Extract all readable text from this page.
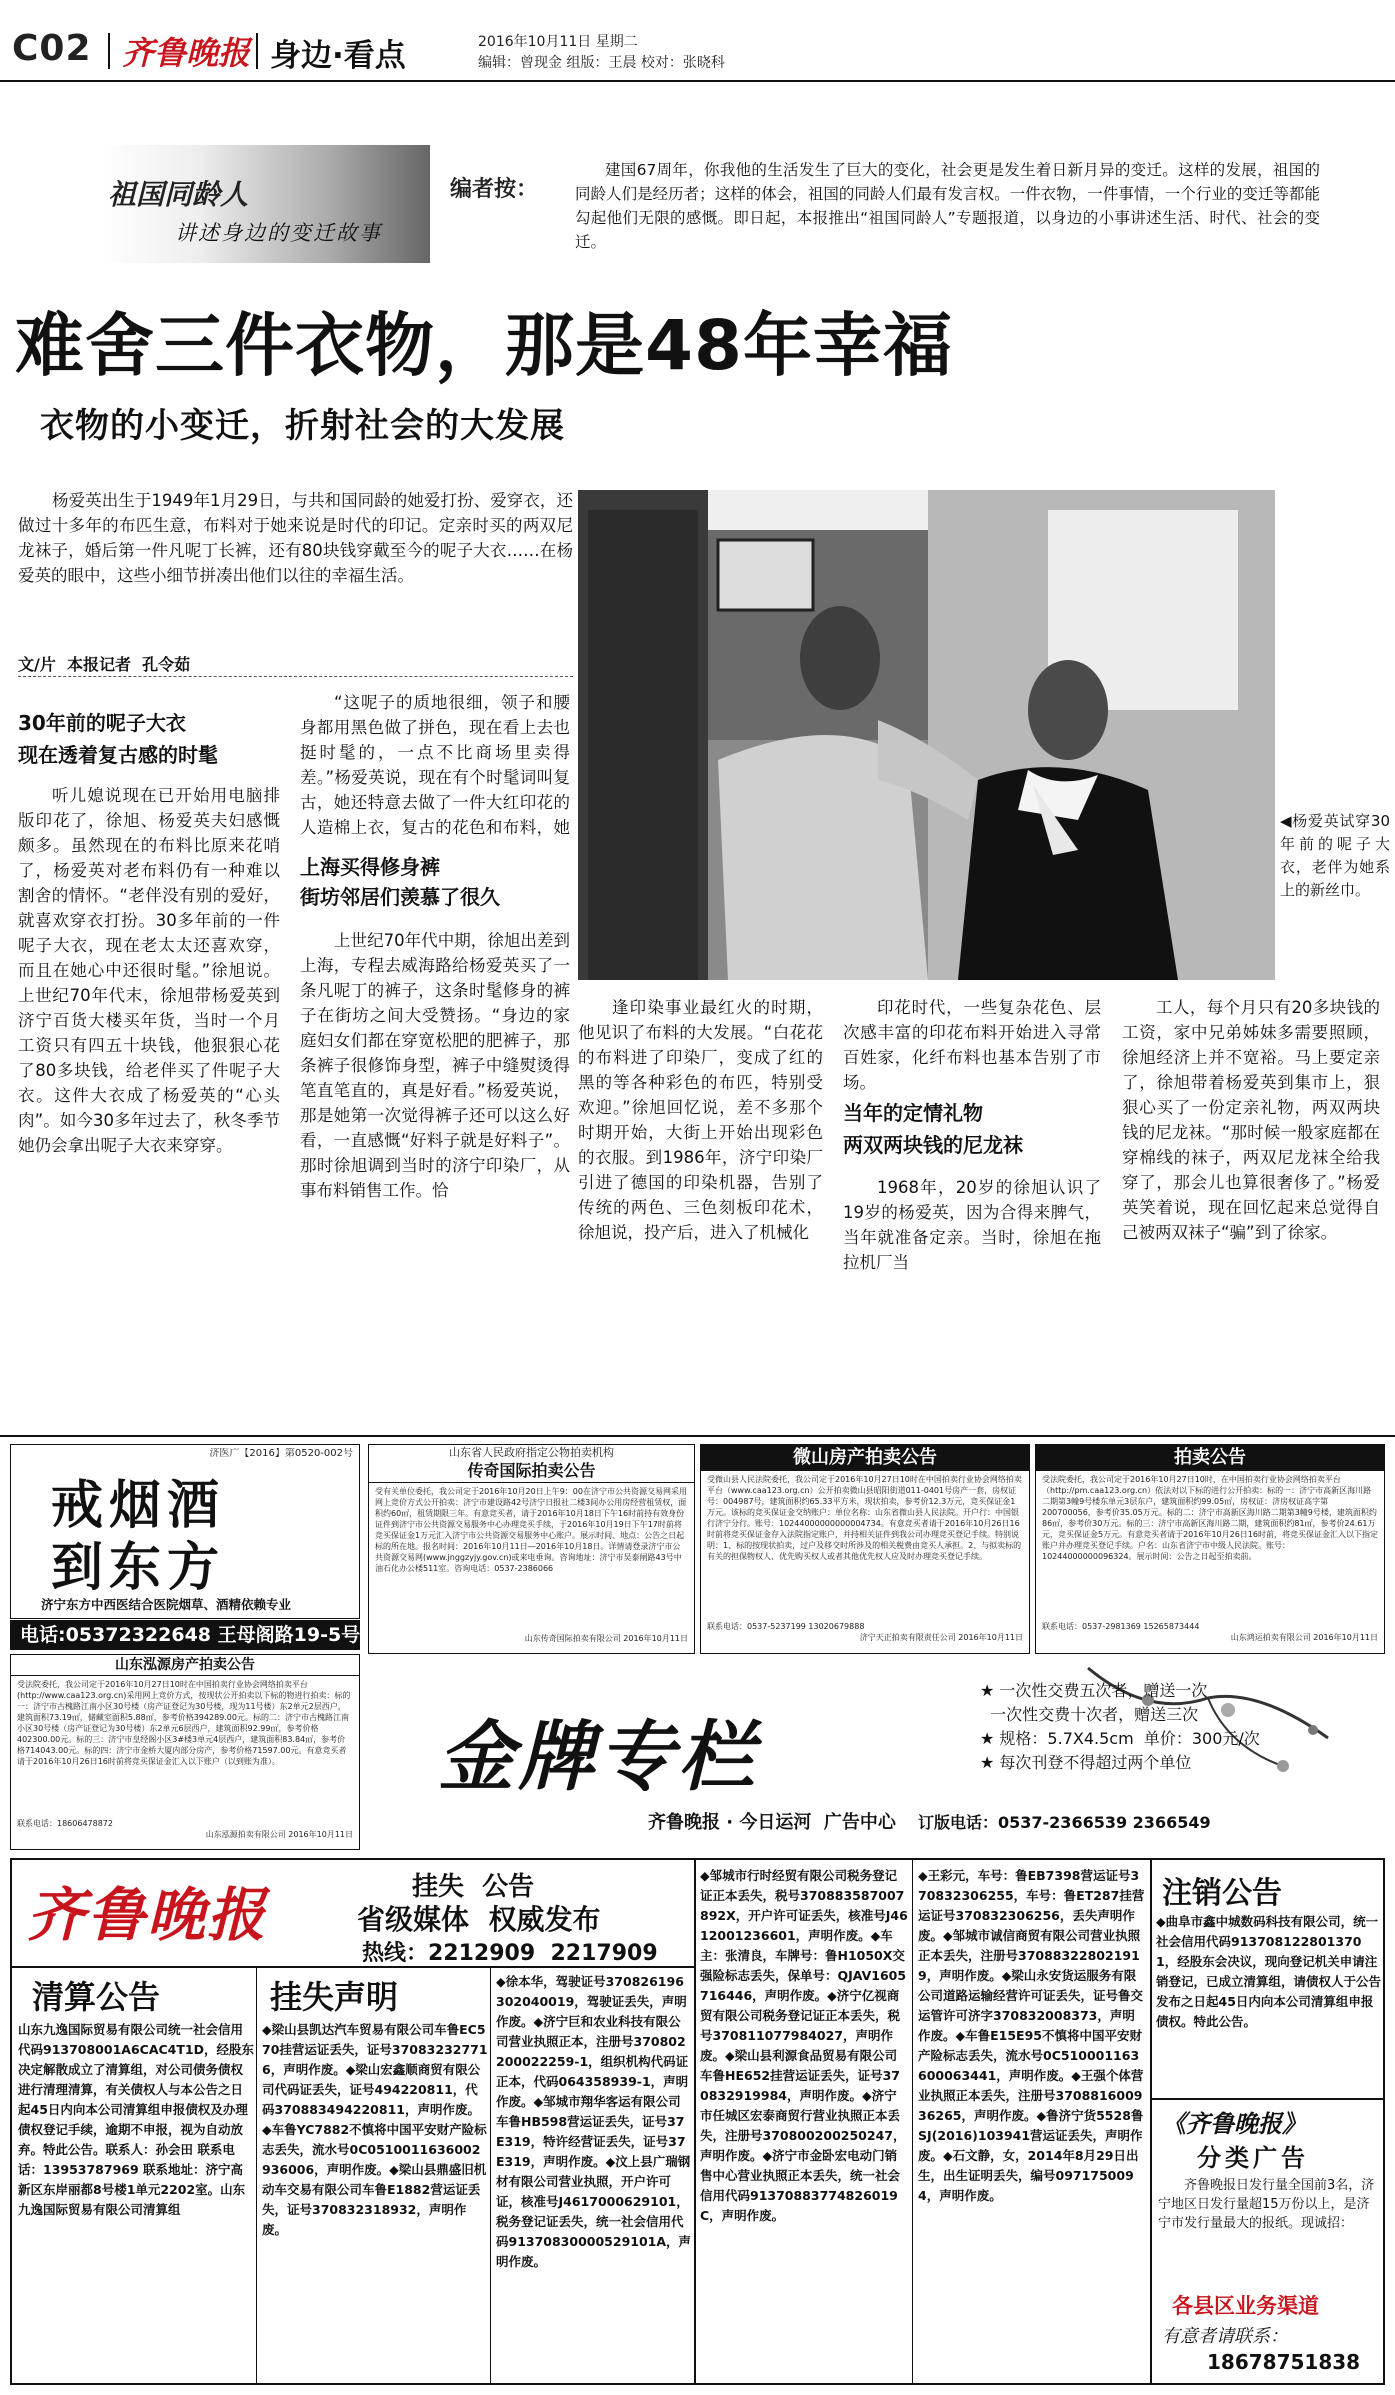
C02 齐鲁晚报 身边·看点	2016年10月11日 星期二
编辑：曾现金 组版：王晨 校对：张晓科
祖国同龄人
讲述身边的变迁故事
编者按：
建国67周年，你我他的生活发生了巨大的变化，社会更是发生着日新月异的变迁。这样的发展，祖国的同龄人们是经历者；这样的体会，祖国的同龄人们最有发言权。一件衣物，一件事情，一个行业的变迁等都能勾起他们无限的感慨。即日起，本报推出“祖国同龄人”专题报道，以身边的小事讲述生活、时代、社会的变迁。
难舍三件衣物，那是48年幸福
衣物的小变迁，折射社会的大发展
杨爱英出生于1949年1月29日，与共和国同龄的她爱打扮、爱穿衣，还做过十多年的布匹生意，布料对于她来说是时代的印记。定亲时买的两双尼龙袜子，婚后第一件凡呢丁长裤，还有80块钱穿戴至今的呢子大衣……在杨爱英的眼中，这些小细节拼凑出他们以往的幸福生活。
文/片  本报记者  孔令茹
30年前的呢子大衣
现在透着复古感的时髦
听儿媳说现在已开始用电脑排版印花了，徐旭、杨爱英夫妇感慨颇多。虽然现在的布料比原来花哨了，杨爱英对老布料仍有一种难以割舍的情怀。“老伴没有别的爱好，就喜欢穿衣打扮。30多年前的一件呢子大衣，现在老太太还喜欢穿，而且在她心中还很时髦。”徐旭说。上世纪70年代末，徐旭带杨爱英到济宁百货大楼买年货，当时一个月工资只有四五十块钱，他狠狠心花了80多块钱，给老伴买了件呢子大衣。这件大衣成了杨爱英的“心头肉”。如今30多年过去了，秋冬季节她仍会拿出呢子大衣来穿穿。
“这呢子的质地很细，领子和腰身都用黑色做了拼色，现在看上去也挺时髦的，一点不比商场里卖得差。”杨爱英说，现在有个时髦词叫复古，她还特意去做了一件大红印花的人造棉上衣，复古的花色和布料，她
上海买得修身裤
街坊邻居们羡慕了很久
上世纪70年代中期，徐旭出差到上海，专程去威海路给杨爱英买了一条凡呢丁的裤子，这条时髦修身的裤子在街坊之间大受赞扬。“身边的家庭妇女们都在穿宽松肥的肥裤子，那条裤子很修饰身型，裤子中缝熨烫得笔直笔直的，真是好看。”杨爱英说，那是她第一次觉得裤子还可以这么好看，一直感慨“好料子就是好料子”。那时徐旭调到当时的济宁印染厂，从事布料销售工作。恰
◀杨爱英试穿30年前的呢子大衣，老伴为她系上的新丝巾。
逢印染事业最红火的时期，他见识了布料的大发展。“白花花的布料进了印染厂，变成了红的黑的等各种彩色的布匹，特别受欢迎。”徐旭回忆说，差不多那个时期开始，大街上开始出现彩色的衣服。到1986年，济宁印染厂引进了德国的印染机器，告别了传统的两色、三色刻板印花术，徐旭说，投产后，进入了机械化
印花时代，一些复杂花色、层次感丰富的印花布料开始进入寻常百姓家，化纤布料也基本告别了市场。
当年的定情礼物
两双两块钱的尼龙袜
1968年，20岁的徐旭认识了19岁的杨爱英，因为合得来脾气，当年就准备定亲。当时，徐旭在拖拉机厂当
工人，每个月只有20多块钱的工资，家中兄弟姊妹多需要照顾，徐旭经济上并不宽裕。马上要定亲了，徐旭带着杨爱英到集市上，狠狠心买了一份定亲礼物，两双两块钱的尼龙袜。“那时候一般家庭都在穿棉线的袜子，两双尼龙袜全给我穿了，那会儿也算很奢侈了。”杨爱英笑着说，现在回忆起来总觉得自己被两双袜子“骗”到了徐家。
济医广【2016】第0520-002号
戒烟酒
到东方
济宁东方中西医结合医院烟草、酒精依赖专业
电话:05372322648 王母阁路19-5号
山东泓源房产拍卖公告
受法院委托，我公司定于2016年10月27日10时在中国拍卖行业协会网络拍卖平台(http://www.caa123.org.cn)采用网上竞价方式，按现状公开拍卖以下标的物进行拍卖：标的一：济宁市古槐路江南小区30号楼（房产证登记为30号楼，现为11号楼）东2单元2层西户，建筑面积73.19㎡，储藏室面积5.88㎡，参考价格394289.00元。标的二：济宁市古槐路江南小区30号楼（房产证登记为30号楼）东2单元6层西户，建筑面积92.99㎡，参考价格402300.00元。标的三：济宁市皇经阁小区3#楼3单元4层西户，建筑面积83.84㎡，参考价格714043.00元。标的四：济宁市金桥大厦内部分房产，参考价格71597.00元。有意竞买者请于2016年10月26日16时前将竞买保证金汇入以下账户（以到账为准）。
联系电话：18606478872
山东泓源拍卖有限公司 2016年10月11日
山东省人民政府指定公物拍卖机构
传奇国际拍卖公告
受有关单位委托，我公司定于2016年10月20日上午9：00在济宁市公共资源交易网采用网上竞价方式公开拍卖：济宁市建设路42号济宁日报社二楼3间办公用房经营租赁权，面积约60㎡，租赁期限三年。有意竞买者，请于2016年10月18日下午16时前持有效身份证件到济宁市公共资源交易服务中心办理竞买手续，于2016年10月19日下午17时前将竞买保证金1万元汇入济宁市公共资源交易服务中心账户。展示时间、地点：公告之日起标的所在地。报名时间：2016年10月11日—2016年10月18日。详情请登录济宁市公共资源交易网(www.jnggzyjy.gov.cn)或来电垂询。咨询地址：济宁市吴泰闸路43号中油石化办公楼511室。咨询电话：0537-2386066
山东传奇国际拍卖有限公司 2016年10月11日
微山房产拍卖公告
受微山县人民法院委托，我公司定于2016年10月27日10时在中国拍卖行业协会网络拍卖平台（www.caa123.org.cn）公开拍卖微山县昭阳街道011-0401号房产一套，房权证号：004987号，建筑面积约65.33平方米，现状拍卖，参考价12.3万元，竞买保证金1万元。该标的竞买保证金交纳账户：单位名称：山东省微山县人民法院。开户行：中国银行济宁分行。账号：10244000000000004734。有意竞买者请于2016年10月26日16时前将竞买保证金存入法院指定账户，并持相关证件到我公司办理竞买登记手续。特别说明：1、标的按现状拍卖，过户及移交时所涉及的相关税费由竞买人承担。2、与拟卖标的有关的担保物权人、优先购买权人或者其他优先权人应及时办理竞买登记手续。
联系电话：0537-5237199 13020679888
济宁天正拍卖有限责任公司 2016年10月11日
拍卖公告
受法院委托，我公司定于2016年10月27日10时，在中国拍卖行业协会网络拍卖平台（http://pm.caa123.org.cn）依法对以下标的进行公开拍卖：标的一：济宁市高新区海川路二期第3幢9号楼东单元3层东户，建筑面积约99.05㎡，房权证：济房权证高字第200700056，参考价35.05万元。标的二：济宁市高新区海川路二期第3幢9号楼，建筑面积约86㎡，参考价30万元。标的三：济宁市高新区海川路二期，建筑面积约81㎡，参考价24.61万元，竞买保证金5万元。有意竞买者请于2016年10月26日16时前，将竞买保证金汇入以下指定账户并办理竞买登记手续。户名：山东省济宁市中级人民法院。账号：10244000000096324。展示时间：公告之日起至拍卖前。
联系电话：0537-2981369 15265873444
山东鸿运拍卖有限公司 2016年10月11日
金牌专栏
★ 一次性交费五次者，赠送一次
一次性交费十次者，赠送三次
★ 规格：5.7X4.5cm  单价：300元/次
★ 每次刊登不得超过两个单位
齐鲁晚报 · 今日运河  广告中心 订版电话：0537-2366539 2366549
齐鲁晚报	挂失  公告
省级媒体  权威发布
热线：2212909  2217909
清算公告
山东九逸国际贸易有限公司统一社会信用代码913708001A6CAC4T1D，经股东决定解散成立了清算组，对公司债务债权进行清理清算，有关债权人与本公告之日起45日内向本公司清算组申报债权及办理债权登记手续，逾期不申报，视为自动放弃。特此公告。联系人：孙会田 联系电话：13953787969 联系地址：济宁高新区东岸丽都8号楼1单元2202室。山东九逸国际贸易有限公司清算组
挂失声明
◆梁山县凯达汽车贸易有限公司车鲁EC570挂营运证丢失，证号370832327716，声明作废。◆梁山宏鑫顺商贸有限公司代码证丢失，证号494220811，代码370883494220811，声明作废。◆车鲁YC7882不慎将中国平安财产险标志丢失，流水号0C0510011636002936006，声明作废。◆梁山县鼎盛旧机动车交易有限公司车鲁E1882营运证丢失，证号370832318932，声明作废。
◆徐本华，驾驶证号370826196302040019，驾驶证丢失，声明作废。◆济宁巨和农业科技有限公司营业执照正本，注册号370802200022259-1，组织机构代码证正本，代码064358939-1，声明作废。◆邹城市翔华客运有限公司车鲁HB598营运证丢失，证号37E319，特许经营证丢失，证号37E319，声明作废。◆汶上县广瑞钢材有限公司营业执照，开户许可证，核准号J4617000629101，税务登记证丢失，统一社会信用代码91370830000529101A，声明作废。
◆邹城市行时经贸有限公司税务登记证正本丢失，税号370883587007892X，开户许可证丢失，核准号J4612001236601，声明作废。◆车主：张清良，车牌号：鲁H1050X交强险标志丢失，保单号：QJAV1605716446，声明作废。◆济宁亿视商贸有限公司税务登记证正本丢失，税号370811077984027，声明作废。◆梁山县利源食品贸易有限公司车鲁HE652挂营运证丢失，证号370832919984，声明作废。◆济宁市任城区宏泰商贸行营业执照正本丢失，注册号370800200250247，声明作废。◆济宁市金卧宏电动门销售中心营业执照正本丢失，统一社会信用代码91370883774826019C，声明作废。
◆王彩元，车号：鲁EB7398营运证号370832306255，车号：鲁ET287挂营运证号370832306256，丢失声明作废。◆邹城市诚信商贸有限公司营业执照正本丢失，注册号370883228021919，声明作废。◆梁山永安货运服务有限公司道路运输经营许可证丢失，证号鲁交运管许可济字370832008373，声明作废。◆车鲁E15E95不慎将中国平安财产险标志丢失，流水号0C510001163600063441，声明作废。◆王强个体营业执照正本丢失，注册号370881600936265，声明作废。◆鲁济宁货5528鲁SJ(2016)103941营运证丢失，声明作废。◆石文静，女，2014年8月29日出生，出生证明丢失，编号0971750094，声明作废。
注销公告
◆曲阜市鑫中城数码科技有限公司，统一社会信用代码9137081228013701，经股东会决议，现向登记机关申请注销登记，已成立清算组，请债权人于公告发布之日起45日内向本公司清算组申报债权。特此公告。
《齐鲁晚报》
分类广告
齐鲁晚报日发行量全国前3名，济宁地区日发行量超15万份以上，是济宁市发行量最大的报纸。现诚招：
各县区业务渠道
有意者请联系：
18678751838
